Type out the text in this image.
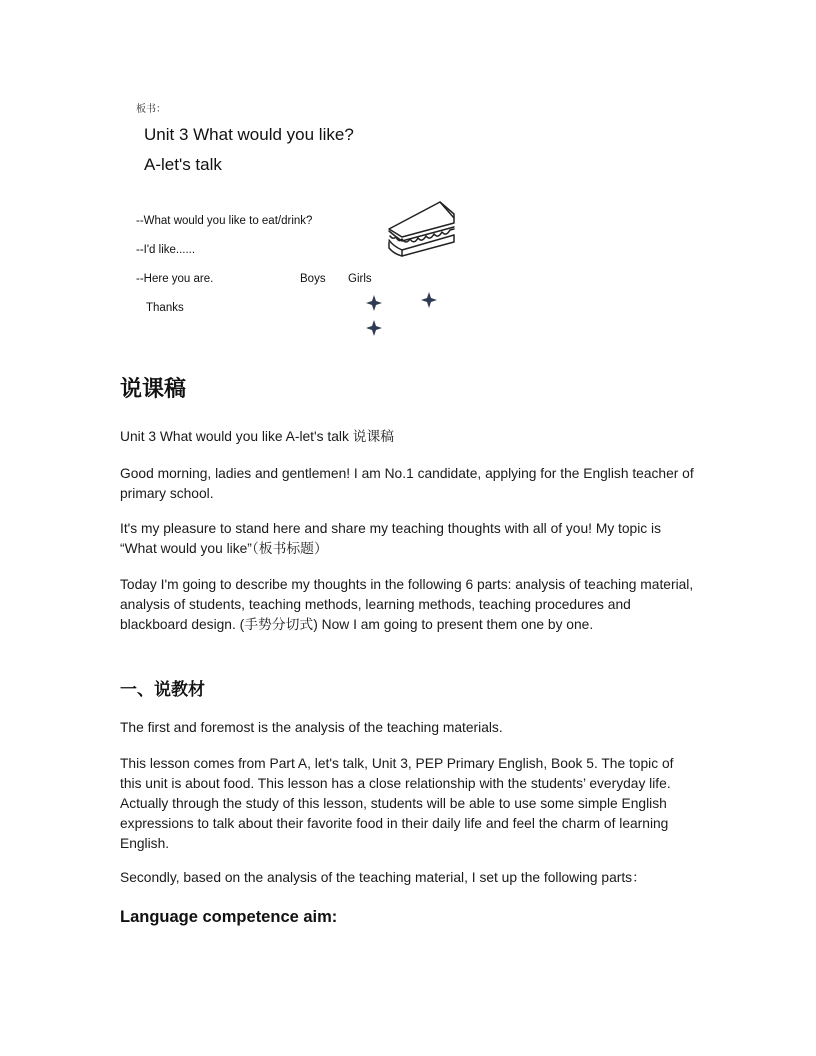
板书：
Unit 3 What would you like?
A-let's talk
--What would you like to eat/drink?
--I'd like......
--Here you are.
Thanks
Boys Girls
说课稿

Unit 3 What would you like A-let's talk 说课稿

Good morning, ladies and gentlemen! I am No.1 candidate, applying for the English teacher of primary school.

It's my pleasure to stand here and share my teaching thoughts with all of you! My topic is “What would you like”（板书标题）

Today I'm going to describe my thoughts in the following 6 parts: analysis of teaching material, analysis of students, teaching methods, learning methods, teaching procedures and blackboard design. (手势分切式) Now I am going to present them one by one.

一、说教材

The first and foremost is the analysis of the teaching materials.

This lesson comes from Part A, let's talk, Unit 3, PEP Primary English, Book 5. The topic of this unit is about food. This lesson has a close relationship with the students’ everyday life. Actually through the study of this lesson, students will be able to use some simple English expressions to talk about their favorite food in their daily life and feel the charm of learning English.

Secondly, based on the analysis of the teaching material, I set up the following parts：

Language competence aim:
